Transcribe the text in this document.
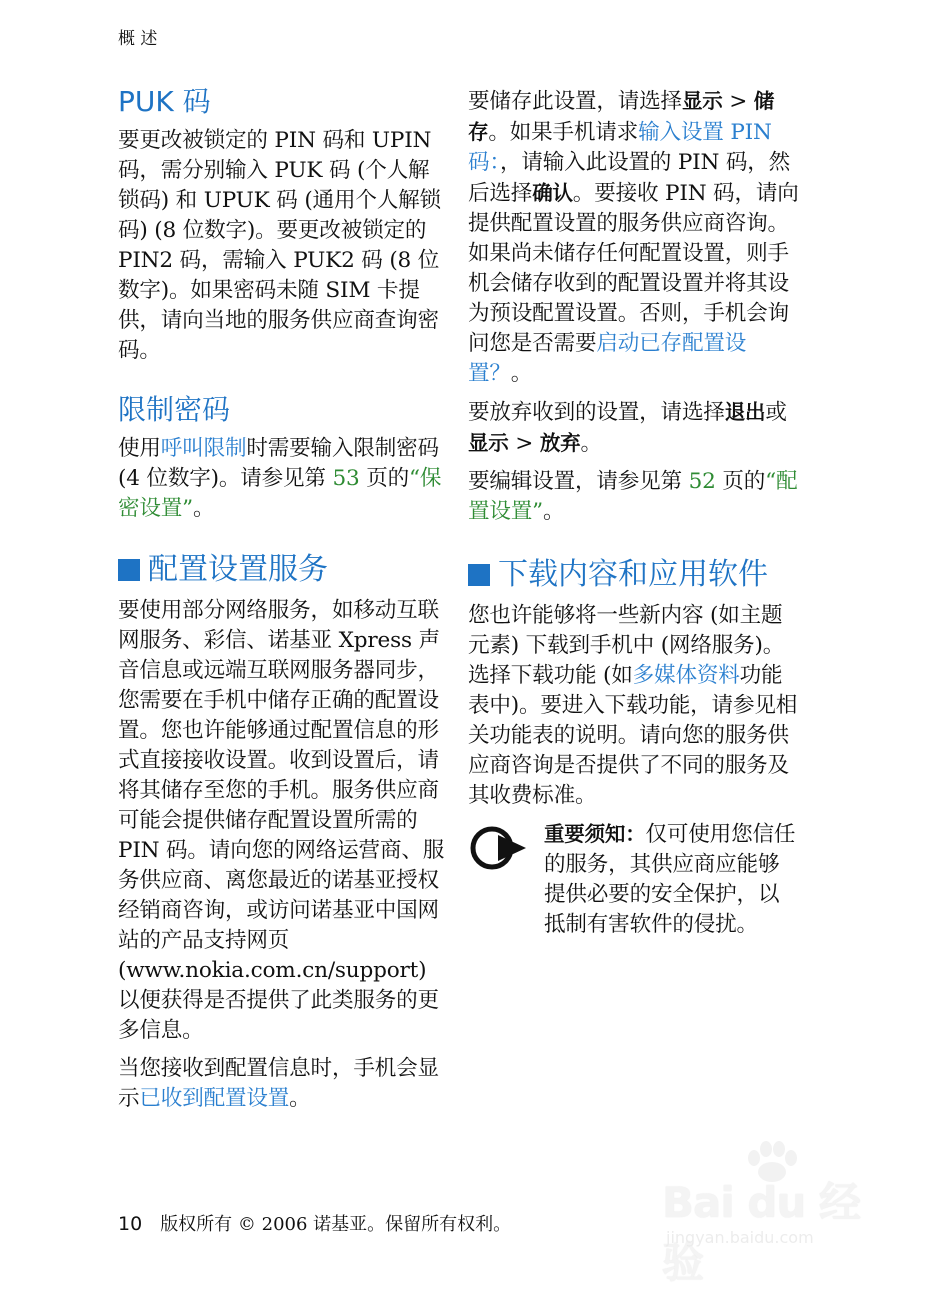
概 述
PUK 码

要更改被锁定的 PIN 码和 UPIN 码，需分别输入 PUK 码 (个人解锁码) 和 UPUK 码 (通用个人解锁码) (8 位数字)。要更改被锁定的 PIN2 码，需输入 PUK2 码 (8 位数字)。如果密码未随 SIM 卡提供，请向当地的服务供应商查询密码。

限制密码

使用呼叫限制时需要输入限制密码 (4 位数字)。请参见第 53 页的“保密设置”。

配置设置服务

要使用部分网络服务，如移动互联网服务、彩信、诺基亚 Xpress 声音信息或远端互联网服务器同步，您需要在手机中储存正确的配置设置。您也许能够通过配置信息的形式直接接收设置。收到设置后，请将其储存至您的手机。服务供应商可能会提供储存配置设置所需的 PIN 码。请向您的网络运营商、服务供应商、离您最近的诺基亚授权经销商咨询，或访问诺基亚中国网站的产品支持网页 (www.nokia.com.cn/support) 以便获得是否提供了此类服务的更多信息。

当您接收到配置信息时，手机会显示已收到配置设置。

要储存此设置，请选择显示 > 储存。如果手机请求输入设置 PIN码：，请输入此设置的 PIN 码，然后选择确认。要接收 PIN 码，请向提供配置设置的服务供应商咨询。如果尚未储存任何配置设置，则手机会储存收到的配置设置并将其设为预设配置设置。否则，手机会询问您是否需要启动已存配置设置？。

要放弃收到的设置，请选择退出或显示 > 放弃。

要编辑设置，请参见第 52 页的“配置设置”。

下载内容和应用软件

您也许能够将一些新内容 (如主题元素) 下载到手机中 (网络服务)。选择下载功能 (如多媒体资料功能表中)。要进入下载功能，请参见相关功能表的说明。请向您的服务供应商咨询是否提供了不同的服务及其收费标准。

重要须知：仅可使用您信任的服务，其供应商应能够提供必要的安全保护，以抵制有害软件的侵扰。

10 版权所有 © 2006 诺基亚。保留所有权利。	Bai du 经验
jingyan.baidu.com
